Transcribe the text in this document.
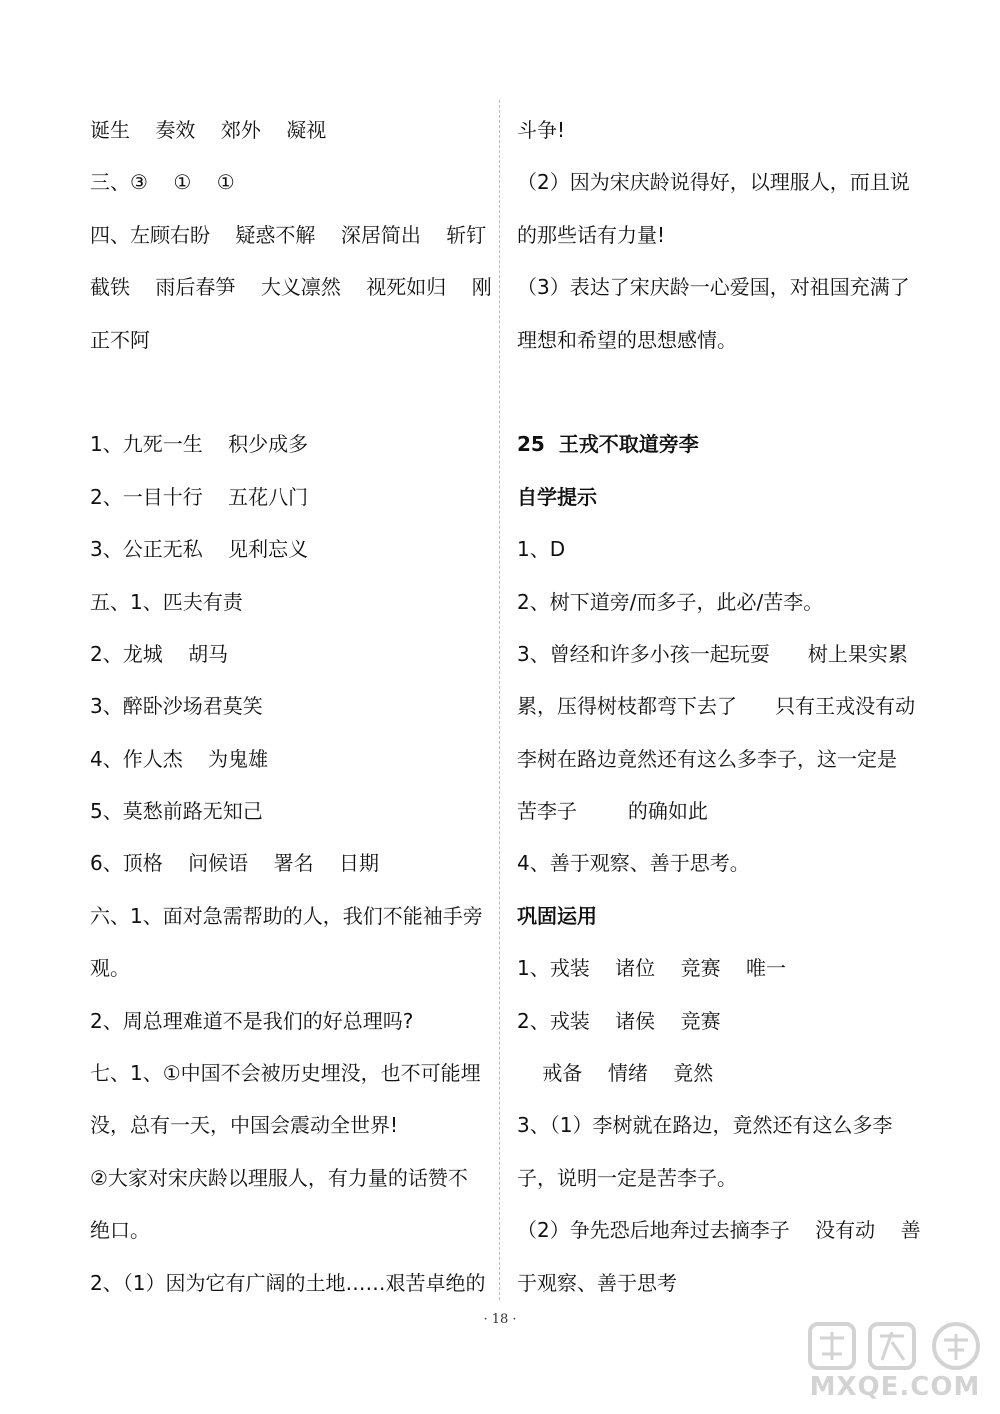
诞生    奏效    郊外    凝视
三、③    ①    ①
四、左顾右盼    疑惑不解    深居简出    斩钉
截铁    雨后春笋    大义凛然    视死如归    刚
正不阿
1、九死一生    积少成多
2、一目十行    五花八门
3、公正无私    见利忘义
五、1、匹夫有责
2、龙城    胡马
3、醉卧沙场君莫笑
4、作人杰    为鬼雄
5、莫愁前路无知己
6、顶格    问候语    署名    日期
六、1、面对急需帮助的人，我们不能袖手旁
观。
2、周总理难道不是我们的好总理吗?
七、1、①中国不会被历史埋没，也不可能埋
没，总有一天，中国会震动全世界!
②大家对宋庆龄以理服人，有力量的话赞不
绝口。
2、（1）因为它有广阔的土地……艰苦卓绝的
斗争!
（2）因为宋庆龄说得好，以理服人，而且说
的那些话有力量!
（3）表达了宋庆龄一心爱国，对祖国充满了
理想和希望的思想感情。
25  王戎不取道旁李
自学提示
1、D
2、树下道旁/而多子，此必/苦李。
3、曾经和许多小孩一起玩耍      树上果实累
累，压得树枝都弯下去了      只有王戎没有动
李树在路边竟然还有这么多李子，这一定是
苦李子        的确如此
4、善于观察、善于思考。
巩固运用
1、戎装    诸位    竞赛    唯一
2、戎装    诸侯    竞赛
戒备    情绪    竟然
3、（1）李树就在路边，竟然还有这么多李
子，说明一定是苦李子。
（2）争先恐后地奔过去摘李子    没有动    善
于观察、善于思考
· 18 ·
MXQE.COM
